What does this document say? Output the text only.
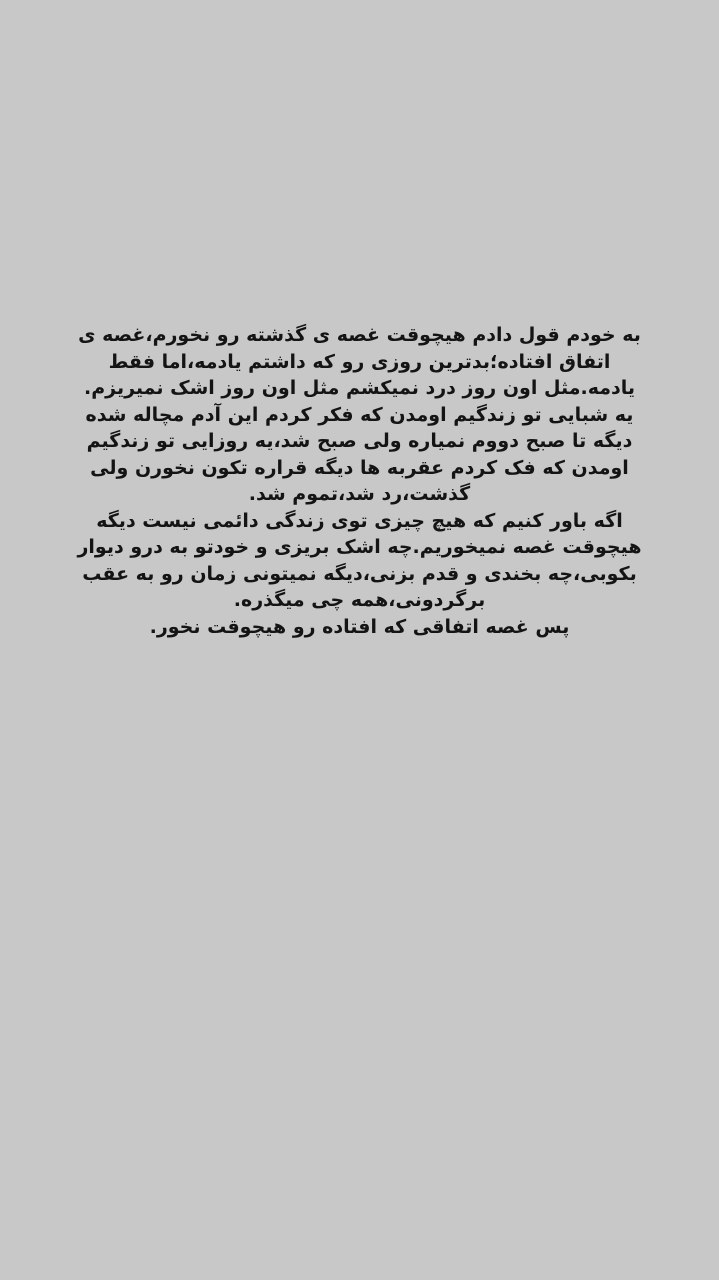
به خودم قول دادم هیچوقت غصه ی گذشته رو نخورم،غصه ی
اتفاق افتاده؛بدترین روزی رو که داشتم یادمه،اما فقط
یادمه.مثل اون روز درد نمیکشم مثل اون روز اشک نمیریزم.
یه شبایی تو زندگیم اومدن که فکر کردم این آدم مچاله شده
دیگه تا صبح دووم نمیاره ولی صبح شد،یه روزایی تو زندگیم
اومدن که فک کردم عقربه ها دیگه قراره تکون نخورن ولی
گذشت،رد شد،تموم شد.
اگه باور کنیم که هیچ چیزی توی زندگی دائمی نیست دیگه
هیچوقت غصه نمیخوریم.چه اشک بریزی و خودتو به درو دیوار
بکوبی،چه بخندی و قدم بزنی،دیگه نمیتونی زمان رو به عقب
برگردونی،همه چی میگذره.
پس غصه اتفاقی که افتاده رو هیچوقت نخور.
